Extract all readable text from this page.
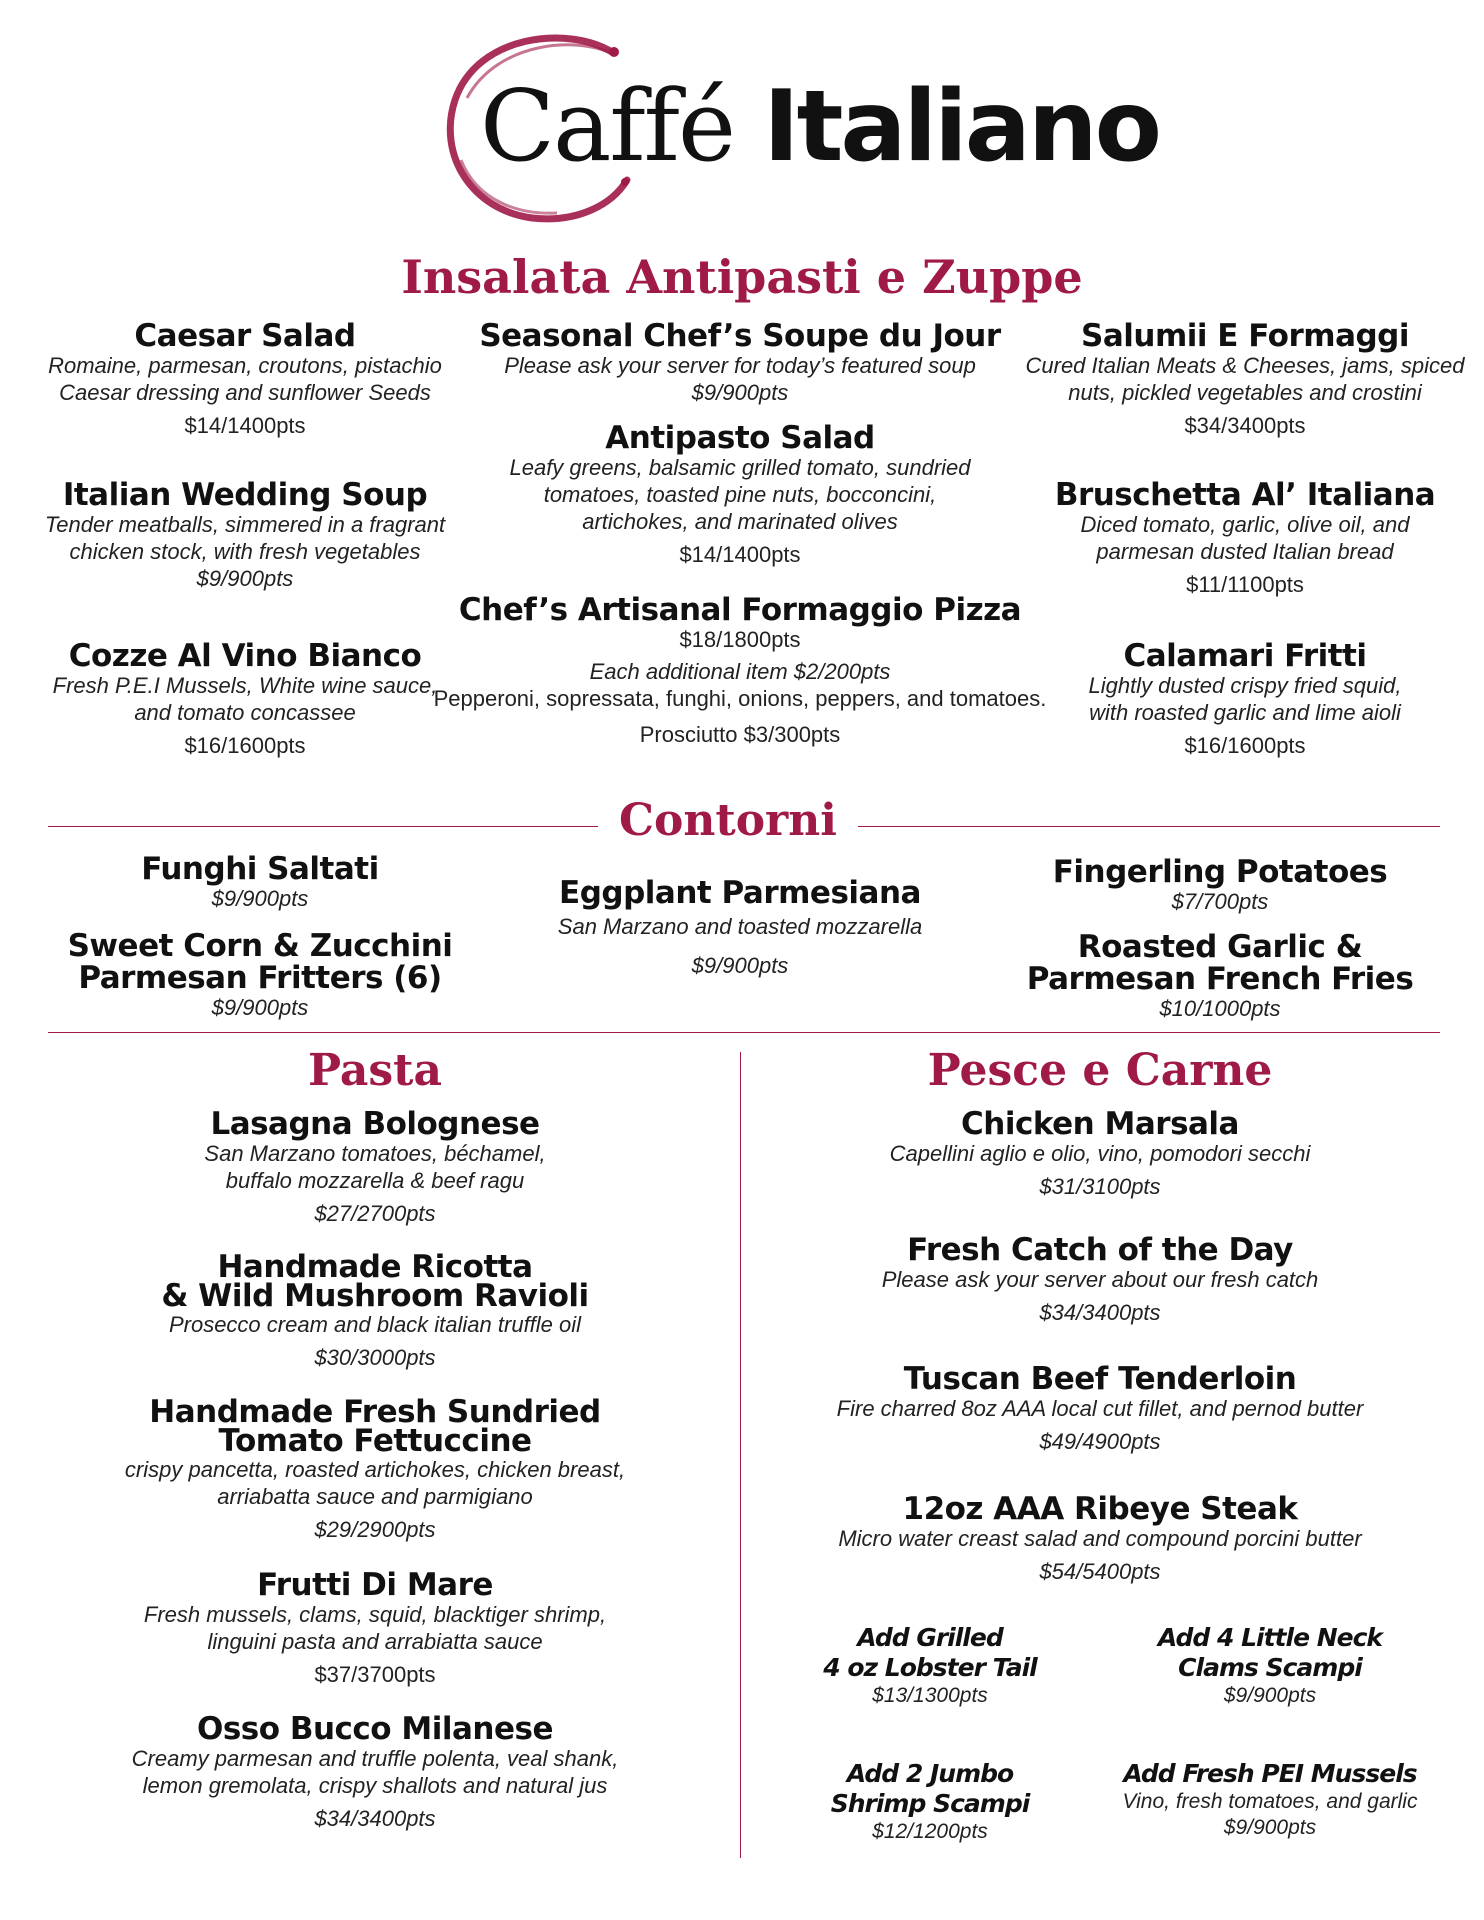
Caffé Italiano
Insalata Antipasti e Zuppe
Caesar Salad
Romaine, parmesan, croutons, pistachio
Caesar dressing and sunflower Seeds
$14/1400pts
Italian Wedding Soup
Tender meatballs, simmered in a fragrant
chicken stock, with fresh vegetables
$9/900pts
Cozze Al Vino Bianco
Fresh P.E.I Mussels, White wine sauce,
and tomato concassee
$16/1600pts
Seasonal Chef’s Soupe du Jour
Please ask your server for today’s featured soup
$9/900pts
Antipasto Salad
Leafy greens, balsamic grilled tomato, sundried
tomatoes, toasted pine nuts, bocconcini,
artichokes, and marinated olives
$14/1400pts
Chef’s Artisanal Formaggio Pizza
$18/1800pts
Each additional item $2/200pts
Pepperoni, sopressata, funghi, onions, peppers, and tomatoes.
Prosciutto $3/300pts
Salumii E Formaggi
Cured Italian Meats & Cheeses, jams, spiced
nuts, pickled vegetables and crostini
$34/3400pts
Bruschetta Al’ Italiana
Diced tomato, garlic, olive oil, and
parmesan dusted Italian bread
$11/1100pts
Calamari Fritti
Lightly dusted crispy fried squid,
with roasted garlic and lime aioli
$16/1600pts
Contorni
Funghi Saltati
$9/900pts
Sweet Corn & Zucchini
Parmesan Fritters (6)
$9/900pts
Eggplant Parmesiana
San Marzano and toasted mozzarella
$9/900pts
Fingerling Potatoes
$7/700pts
Roasted Garlic &
Parmesan French Fries
$10/1000pts
Pasta
Lasagna Bolognese
San Marzano tomatoes, béchamel,
buffalo mozzarella & beef ragu
$27/2700pts
Handmade Ricotta
& Wild Mushroom Ravioli
Prosecco cream and black italian truffle oil
$30/3000pts
Handmade Fresh Sundried
Tomato Fettuccine
crispy pancetta, roasted artichokes, chicken breast,
arriabatta sauce and parmigiano
$29/2900pts
Frutti Di Mare
Fresh mussels, clams, squid, blacktiger shrimp,
linguini pasta and arrabiatta sauce
$37/3700pts
Osso Bucco Milanese
Creamy parmesan and truffle polenta, veal shank,
lemon gremolata, crispy shallots and natural jus
$34/3400pts
Pesce e Carne
Chicken Marsala
Capellini aglio e olio, vino, pomodori secchi
$31/3100pts
Fresh Catch of the Day
Please ask your server about our fresh catch
$34/3400pts
Tuscan Beef Tenderloin
Fire charred 8oz AAA local cut fillet, and pernod butter
$49/4900pts
12oz AAA Ribeye Steak
Micro water creast salad and compound porcini butter
$54/5400pts
Add Grilled
4 oz Lobster Tail
$13/1300pts
Add 4 Little Neck
Clams Scampi
$9/900pts
Add 2 Jumbo
Shrimp Scampi
$12/1200pts
Add Fresh PEI Mussels
Vino, fresh tomatoes, and garlic
$9/900pts
